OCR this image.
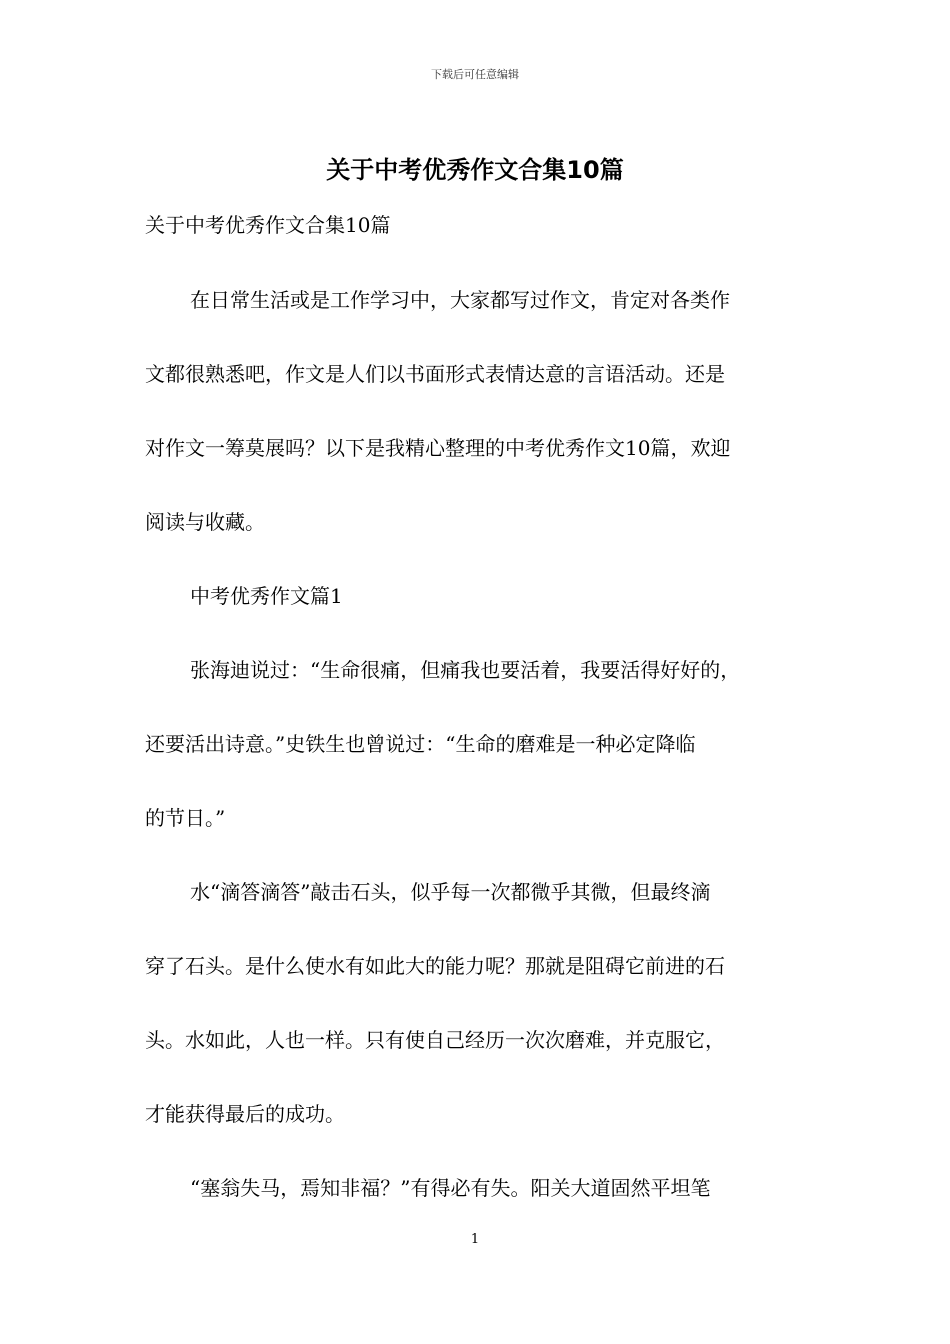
下载后可任意编辑
关于中考优秀作文合集10篇
关于中考优秀作文合集10篇
在日常生活或是工作学习中，大家都写过作文，肯定对各类作
文都很熟悉吧，作文是人们以书面形式表情达意的言语活动。还是
对作文一筹莫展吗？以下是我精心整理的中考优秀作文10篇，欢迎
阅读与收藏。
中考优秀作文篇1
张海迪说过：“生命很痛，但痛我也要活着，我要活得好好的，
还要活出诗意。”史铁生也曾说过：“生命的磨难是一种必定降临
的节日。”
水“滴答滴答”敲击石头，似乎每一次都微乎其微，但最终滴
穿了石头。是什么使水有如此大的能力呢？那就是阻碍它前进的石
头。水如此，人也一样。只有使自己经历一次次磨难，并克服它，
才能获得最后的成功。
“塞翁失马，焉知非福？”有得必有失。阳关大道固然平坦笔
1
